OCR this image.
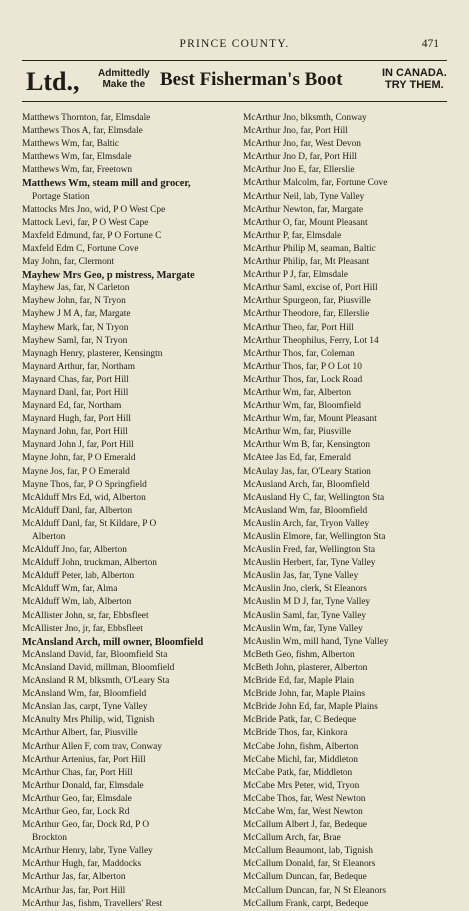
PRINCE COUNTY.	471
Ltd., Admittedly
Make the Best Fisherman's Boot	IN CANADA.
TRY THEM.
Matthews Thornton, far, Elmsdale
Matthews Thos A, far, Elmsdale
Matthews Wm, far, Baltic
Matthews Wm, far, Elmsdale
Matthews Wm, far, Freetown
Matthews Wm, steam mill and grocer,
Portage Station
Mattocks Mrs Jno, wid, P O West Cpe
Mattock Levi, far, P O West Cape
Maxfeld Edmund, far, P O Fortune C
Maxfeld Edm C, Fortune Cove
May John, far, Clermont
Mayhew Mrs Geo, p mistress, Margate
Mayhew Jas, far, N Carleton
Mayhew John, far, N Tryon
Mayhew J M A, far, Margate
Mayhew Mark, far, N Tryon
Mayhew Saml, far, N Tryon
Maynagh Henry, plasterer, Kensingtn
Maynard Arthur, far, Northam
Maynard Chas, far, Port Hill
Maynard Danl, far, Port Hill
Maynard Ed, far, Northam
Maynard Hugh, far, Port Hill
Maynard John, far, Port Hill
Maynard John J, far, Port Hill
Mayne John, far, P O Emerald
Mayne Jos, far, P O Emerald
Mayne Thos, far, P O Springfield
McAlduff Mrs Ed, wid, Alberton
McAlduff Danl, far, Alberton
McAlduff Danl, far, St Kildare, P O
Alberton
McAlduff Jno, far, Alberton
McAlduff John, truckman, Alberton
McAlduff Peter, lab, Alberton
McAlduff Wm, far, Alma
McAlduff Wm, lab, Alberton
McAllister John, sr, far, Ebbsfleet
McAllister Jno, jr, far, Ebbsfleet
McAnsland Arch, mill owner, Bloomfield
McAnsland David, far, Bloomfield Sta
McAnsland David, millman, Bloomfield
McAnsland R M, blksmth, O'Leary Sta
McAnsland Wm, far, Bloomfield
McAnslan Jas, carpt, Tyne Valley
McAnulty Mrs Philip, wid, Tignish
McArthur Albert, far, Piusville
McArthur Allen F, com trav, Conway
McArthur Artenius, far, Port Hill
McArthur Chas, far, Port Hill
McArthur Donald, far, Elmsdale
McArthur Geo, far, Elmsdale
McArthur Geo, far, Lock Rd
McArthur Geo, far, Dock Rd, P O
Brockton
McArthur Henry, labr, Tyne Valley
McArthur Hugh, far, Maddocks
McArthur Jas, far, Alberton
McArthur Jas, far, Port Hill
McArthur Jas, fishm, Travellers' Rest
McArthur Jno, blksmth, Conway
McArthur Jno, far, Port Hill
McArthur Jno, far, West Devon
McArthur Jno D, far, Port Hill
McArthur Jno E, far, Ellerslie
McArthur Malcolm, far, Fortune Cove
McArthur Neil, lab, Tyne Valley
McArthur Newton, far, Margate
McArthur O, far, Mount Pleasant
McArthur P, far, Elmsdale
McArthur Philip M, seaman, Baltic
McArthur Philip, far, Mt Pleasant
McArthur P J, far, Elmsdale
McArthur Saml, excise of, Port Hill
McArthur Spurgeon, far, Piusville
McArthur Theodore, far, Ellerslie
McArthur Theo, far, Port Hill
McArthur Theophilus, Ferry, Lot 14
McArthur Thos, far, Coleman
McArthur Thos, far, P O Lot 10
McArthur Thos, far, Lock Road
McArthur Wm, far, Alberton
McArthur Wm, far, Bloomfield
McArthur Wm, far, Mount Pleasant
McArthur Wm, far, Piusville
McArthur Wm B, far, Kensington
McAtee Jas Ed, far, Emerald
McAulay Jas, far, O'Leary Station
McAusland Arch, far, Bloomfield
McAusland Hy C, far, Wellington Sta
McAusland Wm, far, Bloomfield
McAuslin Arch, far, Tryon Valley
McAuslin Elmore, far, Wellington Sta
McAuslin Fred, far, Wellington Sta
McAuslin Herbert, far, Tyne Valley
McAuslin Jas, far, Tyne Valley
McAuslin Jno, clerk, St Eleanors
McAuslin M D J, far, Tyne Valley
McAuslin Saml, far, Tyne Valley
McAuslin Wm, far, Tyne Valley
McAuslin Wm, mill hand, Tyne Valley
McBeth Geo, fishm, Alberton
McBeth John, plasterer, Alberton
McBride Ed, far, Maple Plain
McBride John, far, Maple Plains
McBride John Ed, far, Maple Plains
McBride Patk, far, C Bedeque
McBride Thos, far, Kinkora
McCabe John, fishm, Alberton
McCabe Michl, far, Middleton
McCabe Patk, far, Middleton
McCabe Mrs Peter, wid, Tryon
McCabe Thos, far, West Newton
McCabe Wm, far, West Newton
McCallum Albert J, far, Bedeque
McCallum Arch, far, Brae
McCallum Beaumont, lab, Tignish
McCallum Donald, far, St Eleanors
McCallum Duncan, far, Bedeque
McCallum Duncan, far, N St Eleanors
McCallum Frank, carpt, Bedeque
